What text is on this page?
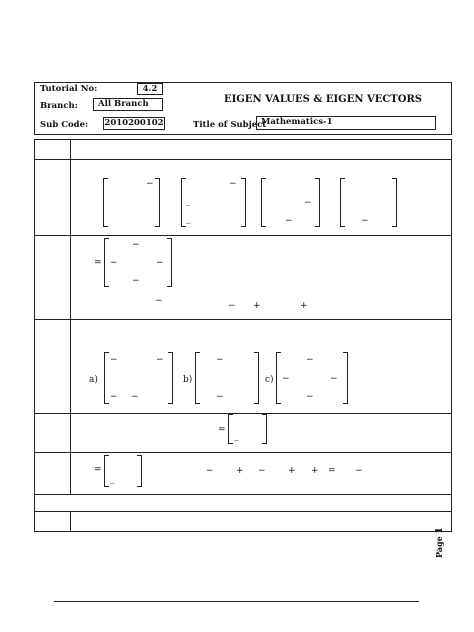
Tutorial No:	4.2
Branch:	All Branch
Sub Code: 2010200102
EIGEN VALUES & EIGEN VECTORS
Title of Subject
Mathematics-1
−	−
_
_
−
−	−
=
−
−	−
−
−	− +	+
a)
−	−
− −
b)
−
−
c)
−
−	−
−
=
_
=
_
− + − + + = −
Page 1
